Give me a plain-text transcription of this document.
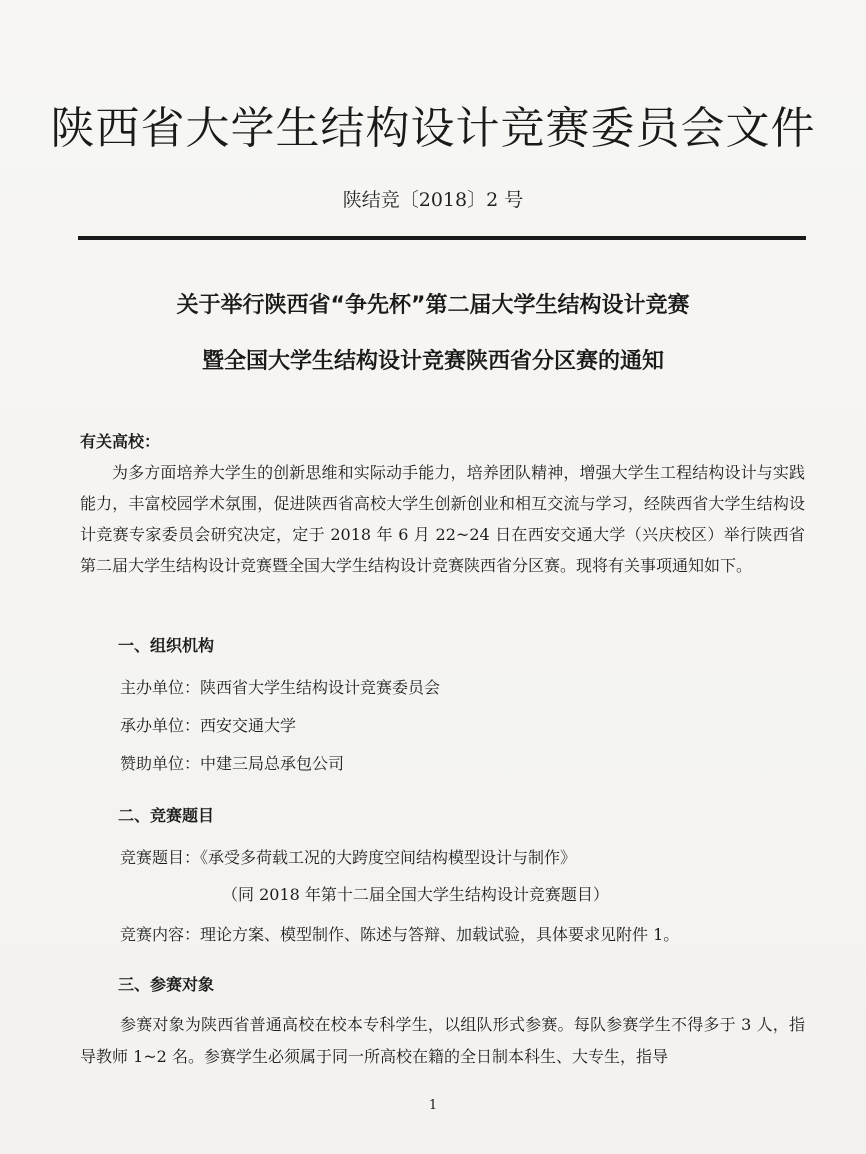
陕西省大学生结构设计竞赛委员会文件
陕结竞〔2018〕2 号
关于举行陕西省“争先杯”第二届大学生结构设计竞赛
暨全国大学生结构设计竞赛陕西省分区赛的通知
有关高校：
为多方面培养大学生的创新思维和实际动手能力，培养团队精神，增强大学生工程结构设计与实践能力，丰富校园学术氛围，促进陕西省高校大学生创新创业和相互交流与学习，经陕西省大学生结构设计竞赛专家委员会研究决定，定于 2018 年 6 月 22~24 日在西安交通大学（兴庆校区）举行陕西省第二届大学生结构设计竞赛暨全国大学生结构设计竞赛陕西省分区赛。现将有关事项通知如下。
一、组织机构
主办单位：陕西省大学生结构设计竞赛委员会
承办单位：西安交通大学
赞助单位：中建三局总承包公司
二、竞赛题目
竞赛题目：《承受多荷载工况的大跨度空间结构模型设计与制作》
（同 2018 年第十二届全国大学生结构设计竞赛题目）
竞赛内容：理论方案、模型制作、陈述与答辩、加载试验，具体要求见附件 1。
三、参赛对象
参赛对象为陕西省普通高校在校本专科学生，以组队形式参赛。每队参赛学生不得多于 3 人，指导教师 1~2 名。参赛学生必须属于同一所高校在籍的全日制本科生、大专生，指导
1
